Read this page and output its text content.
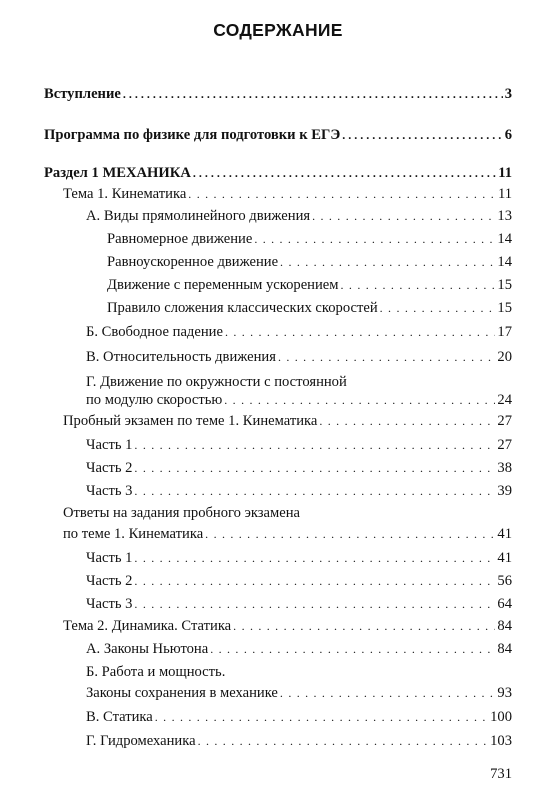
СОДЕРЖАНИЕ
Вступление . . .	3
Программа по физике для подготовки к ЕГЭ . . .	6
Раздел 1 МЕХАНИКА . . .	11
Тема 1. Кинематика . . .	11
А. Виды прямолинейного движения . . .	13
Равномерное движение . . .	14
Равноускоренное движение . . .	14
Движение с переменным ускорением . . .	15
Правило сложения классических скоростей . . .	15
Б. Свободное падение . . .	17
В. Относительность движения . . .	20
Г. Движение по окружности с постоянной
по модулю скоростью . . .	24
Пробный экзамен по теме 1. Кинематика . . .	27
Часть 1 . . .	27
Часть 2 . . .	38
Часть 3 . . .	39
Ответы на задания пробного экзамена
по теме 1. Кинематика . . .	41
Часть 1 . . .	41
Часть 2 . . .	56
Часть 3 . . .	64
Тема 2. Динамика. Статика . . .	84
А. Законы Ньютона . . .	84
Б. Работа и мощность.
Законы сохранения в механике . . .	93
В. Статика . . .	100
Г. Гидромеханика . . .	103
731
